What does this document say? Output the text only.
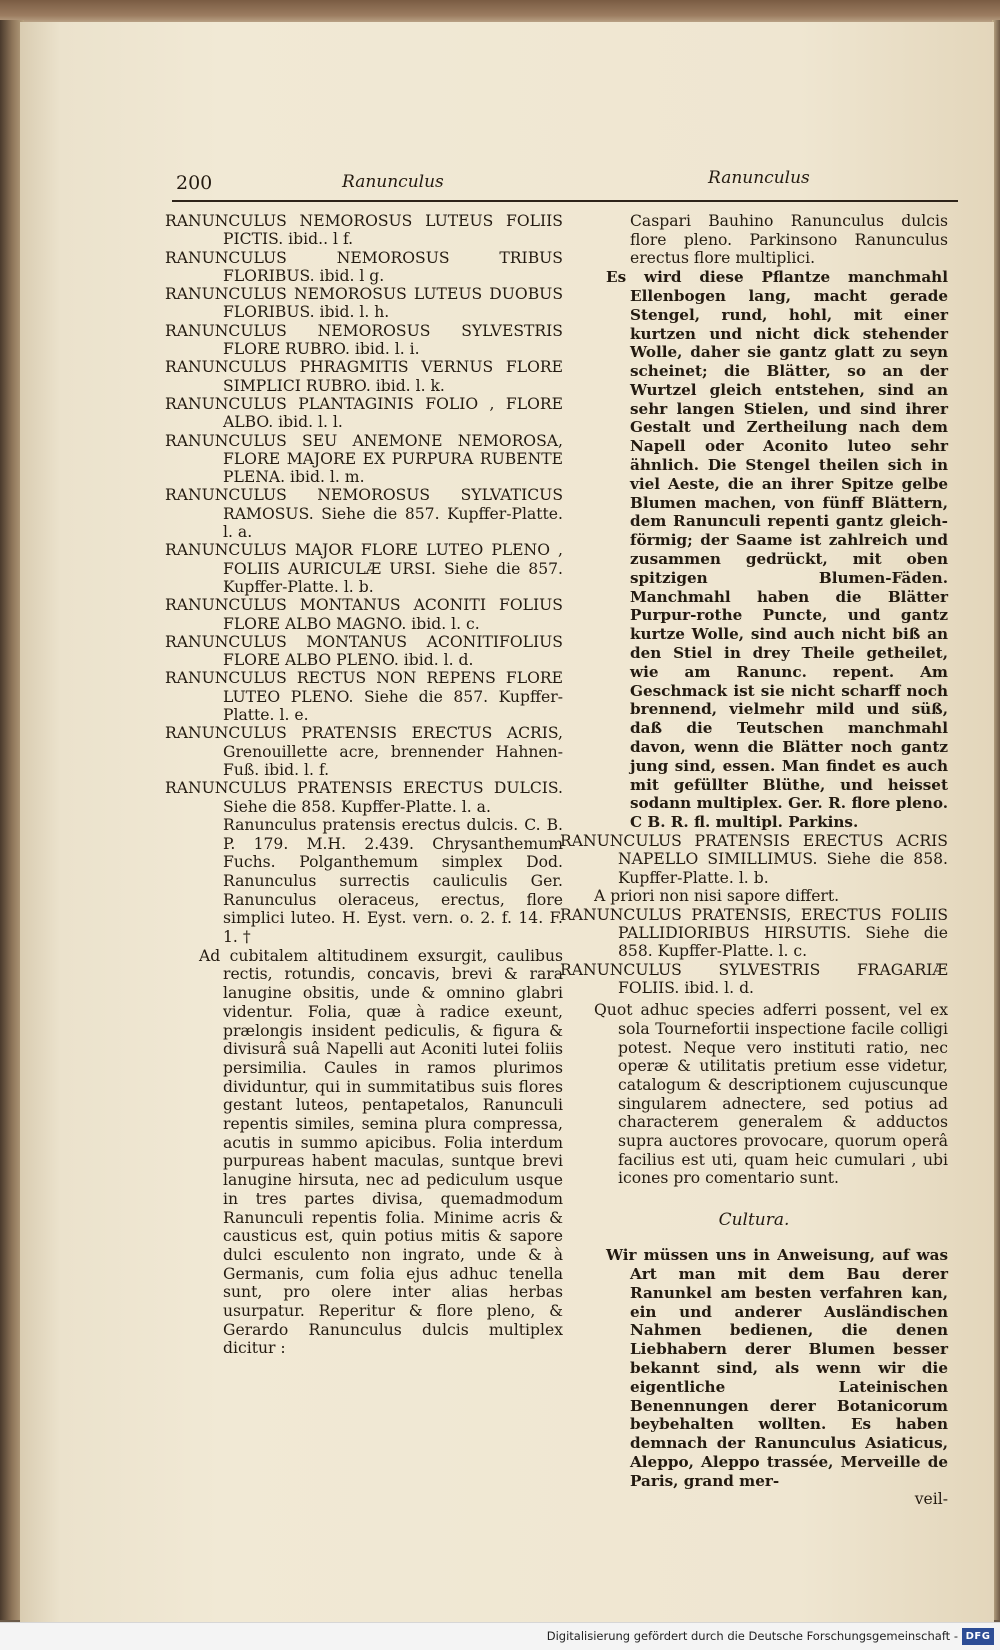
200	Ranunculus	Ranunculus

RANUNCULUS NEMOROSUS LUTEUS FOLIIS PICTIS. ibid.. l f.

RANUNCULUS NEMOROSUS TRIBUS FLORIBUS. ibid. l g.

RANUNCULUS NEMOROSUS LUTEUS DUOBUS FLORIBUS. ibid. l. h.

RANUNCULUS NEMOROSUS SYLVESTRIS FLORE RUBRO. ibid. l. i.

RANUNCULUS PHRAGMITIS VERNUS FLORE SIMPLICI RUBRO. ibid. l. k.

RANUNCULUS PLANTAGINIS FOLIO , FLORE ALBO. ibid. l. l.

RANUNCULUS SEU ANEMONE NEMOROSA, FLORE MAJORE EX PURPURA RUBENTE PLENA. ibid. l. m.

RANUNCULUS NEMOROSUS SYLVATICUS RAMOSUS. Siehe die 857. Kupffer-Platte. l. a.

RANUNCULUS MAJOR FLORE LUTEO PLENO , FOLIIS AURICULÆ URSI. Siehe die 857. Kupffer-Platte. l. b.

RANUNCULUS MONTANUS ACONITI FOLIUS FLORE ALBO MAGNO. ibid. l. c.

RANUNCULUS MONTANUS ACONITIFOLIUS FLORE ALBO PLENO. ibid. l. d.

RANUNCULUS RECTUS NON REPENS FLORE LUTEO PLENO. Siehe die 857. Kupffer-Platte. l. e.

RANUNCULUS PRATENSIS ERECTUS ACRIS, Grenouillette acre, brennender Hahnen-Fuß. ibid. l. f.

RANUNCULUS PRATENSIS ERECTUS DULCIS. Siehe die 858. Kupffer-Platte. l. a.

Ranunculus pratensis erectus dulcis. C. B. P. 179. M.H. 2.439. Chrysanthemum Fuchs. Polganthemum simplex Dod. Ranunculus surrectis cauliculis Ger. Ranunculus oleraceus, erectus, flore simplici luteo. H. Eyst. vern. o. 2. f. 14. F. 1. †

Ad cubitalem altitudinem exsurgit, caulibus rectis, rotundis, concavis, brevi & rara lanugine obsitis, unde & omnino glabri videntur. Folia, quæ à radice exeunt, prælongis insident pediculis, & figura & divisurâ suâ Napelli aut Aconiti lutei foliis persimilia. Caules in ramos plurimos dividuntur, qui in summitatibus suis flores gestant luteos, pentapetalos, Ranunculi repentis similes, semina plura compressa, acutis in summo apicibus. Folia interdum purpureas habent maculas, suntque brevi lanugine hirsuta, nec ad pediculum usque in tres partes divisa, quemadmodum Ranunculi repentis folia. Minime acris & causticus est, quin potius mitis & sapore dulci esculento non ingrato, unde & à Germanis, cum folia ejus adhuc tenella sunt, pro olere inter alias herbas usurpatur. Reperitur & flore pleno, & Gerardo Ranunculus dulcis multiplex dicitur :

Caspari Bauhino Ranunculus dulcis flore pleno. Parkinsono Ranunculus erectus flore multiplici.

Es wird diese Pflantze manchmahl Ellenbogen lang, macht gerade Stengel, rund, hohl, mit einer kurtzen und nicht dick stehender Wolle, daher sie gantz glatt zu seyn scheinet; die Blätter, so an der Wurtzel gleich entstehen, sind an sehr langen Stielen, und sind ihrer Gestalt und Zertheilung nach dem Napell oder Aconito luteo sehr ähnlich. Die Stengel theilen sich in viel Aeste, die an ihrer Spitze gelbe Blumen machen, von fünff Blättern, dem Ranunculi repenti gantz gleich-förmig; der Saame ist zahlreich und zusammen gedrückt, mit oben spitzigen Blumen-Fäden. Manchmahl haben die Blätter Purpur-rothe Puncte, und gantz kurtze Wolle, sind auch nicht biß an den Stiel in drey Theile getheilet, wie am Ranunc. repent. Am Geschmack ist sie nicht scharff noch brennend, vielmehr mild und süß, daß die Teutschen manchmahl davon, wenn die Blätter noch gantz jung sind, essen. Man findet es auch mit gefüllter Blüthe, und heisset sodann multiplex. Ger. R. flore pleno. C B. R. fl. multipl. Parkins.

RANUNCULUS PRATENSIS ERECTUS ACRIS NAPELLO SIMILLIMUS. Siehe die 858. Kupffer-Platte. l. b.

A priori non nisi sapore differt.

RANUNCULUS PRATENSIS, ERECTUS FOLIIS PALLIDIORIBUS HIRSUTIS. Siehe die 858. Kupffer-Platte. l. c.

RANUNCULUS SYLVESTRIS FRAGARIÆ FOLIIS. ibid. l. d.

Quot adhuc species adferri possent, vel ex sola Tournefortii inspectione facile colligi potest. Neque vero instituti ratio, nec operæ & utilitatis pretium esse videtur, catalogum & descriptionem cujuscunque singularem adnectere, sed potius ad characterem generalem & adductos supra auctores provocare, quorum operâ facilius est uti, quam heic cumulari , ubi icones pro comentario sunt.

Cultura.

Wir müssen uns in Anweisung, auf was Art man mit dem Bau derer Ranunkel am besten verfahren kan, ein und anderer Ausländischen Nahmen bedienen, die denen Liebhabern derer Blumen besser bekannt sind, als wenn wir die eigentliche Lateinischen Benennungen derer Botanicorum beybehalten wollten. Es haben demnach der Ranunculus Asiaticus, Aleppo, Aleppo trassée, Merveille de Paris, grand mer-

veil-

Digitalisierung gefördert durch die Deutsche Forschungsgemeinschaft - DFG
